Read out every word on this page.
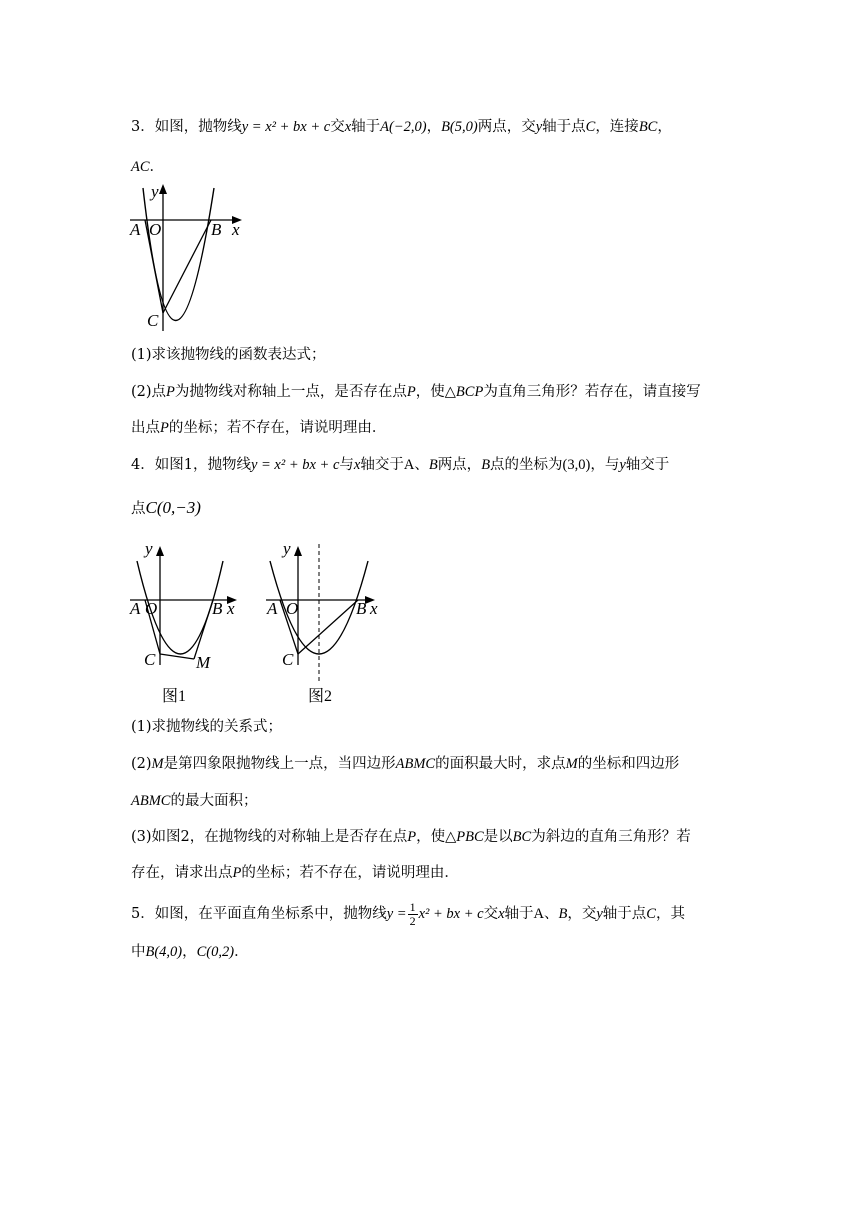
3．如图，抛物线y = x² + bx + c交x轴于A(−2,0)，B(5,0)两点，交y轴于点C，连接BC，
AC．
y
x
A O	B
C
(1)求该抛物线的函数表达式；
(2)点P为抛物线对称轴上一点，是否存在点P，使△BCP为直角三角形？若存在，请直接写
出点P的坐标；若不存在，请说明理由．
4．如图1，抛物线y = x² + bx + c与x轴交于A、B两点，B点的坐标为(3,0)，与y轴交于
点C(0,−3)
y
x
A O	B
C M
图1
y
x
A O	B
C
图2
(1)求抛物线的关系式；
(2)M是第四象限抛物线上一点，当四边形ABMC的面积最大时，求点M的坐标和四边形
ABMC的最大面积；
(3)如图2，在抛物线的对称轴上是否存在点P，使△PBC是以BC为斜边的直角三角形？若
存在，请求出点P的坐标；若不存在，请说明理由．
5．如图，在平面直角坐标系中，抛物线$y = \frac{1}{2} x^2$ + bx + c交x轴于A、B，交y轴于点C，其
中B(4,0)，C(0,2)．
